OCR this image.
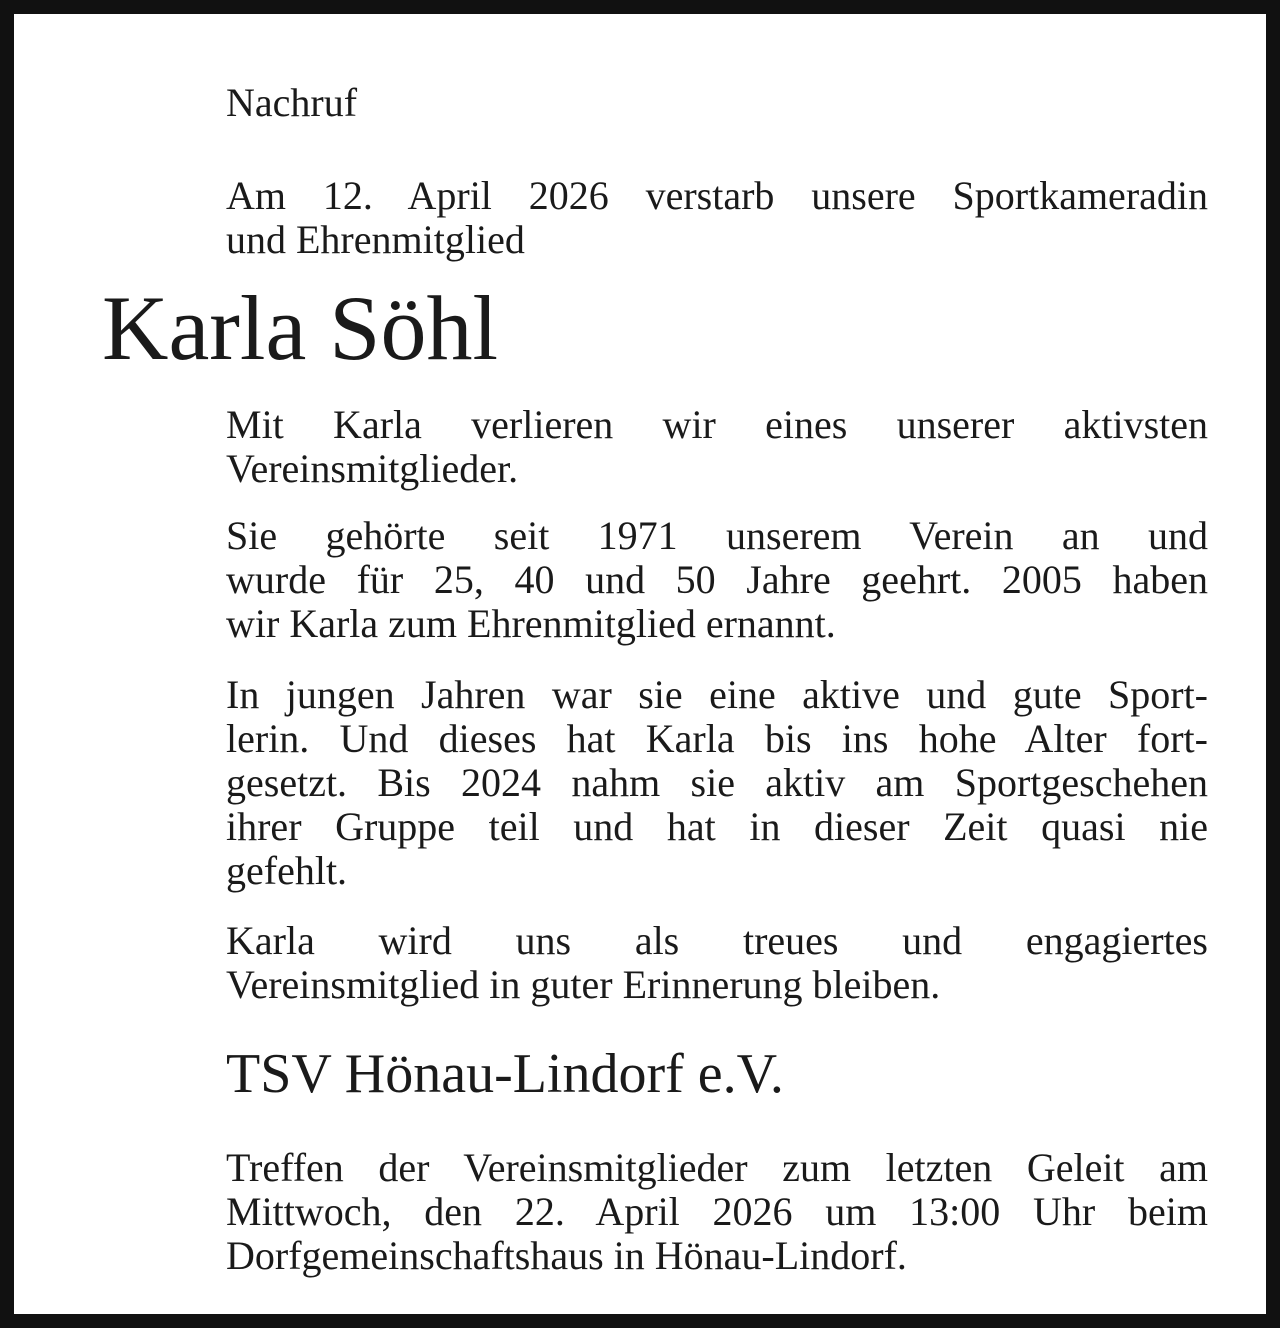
Nachruf
Am 12. April 2026 verstarb unsere Sportkameradin
und Ehrenmitglied
Karla Söhl
Mit Karla verlieren wir eines unserer aktivsten
Vereinsmitglieder.
Sie gehörte seit 1971 unserem Verein an und
wurde für 25, 40 und 50 Jahre geehrt. 2005 haben
wir Karla zum Ehrenmitglied ernannt.
In jungen Jahren war sie eine aktive und gute Sport-
lerin. Und dieses hat Karla bis ins hohe Alter fort-
gesetzt. Bis 2024 nahm sie aktiv am Sportgeschehen
ihrer Gruppe teil und hat in dieser Zeit quasi nie
gefehlt.
Karla wird uns als treues und engagiertes
Vereinsmitglied in guter Erinnerung bleiben.
TSV Hönau-Lindorf e.V.
Treffen der Vereinsmitglieder zum letzten Geleit am
Mittwoch, den 22. April 2026 um 13:00 Uhr beim
Dorfgemeinschaftshaus in Hönau-Lindorf.
